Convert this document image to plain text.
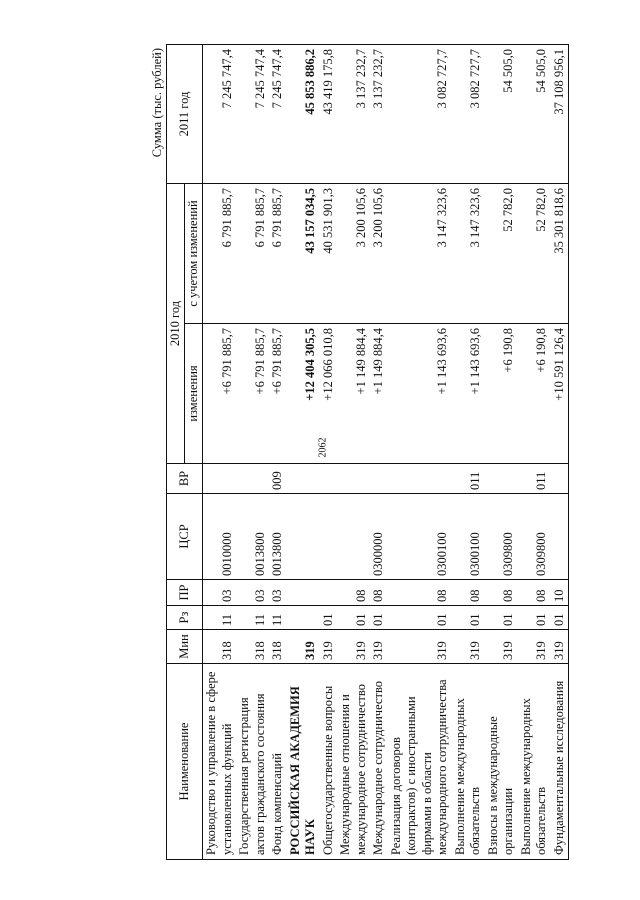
2062
Сумма (тыс. рублей)
Наименование	Мин	Рз	ПР	ЦСР	ВР	2010 год		2011 год
						изменения	с учетом изменений	
Руководство и управление в сфере установленных функций	318	11	03	0010000		+6 791 885,7	6 791 885,7	7 245 747,4
Государственная регистрация актов гражданского состояния	318	11	03	0013800		+6 791 885,7	6 791 885,7	7 245 747,4
Фонд компенсаций	318	11	03	0013800	009	+6 791 885,7	6 791 885,7	7 245 747,4
РОССИЙСКАЯ АКАДЕМИЯ НАУК	319					+12 404 305,5	43 157 034,5	45 853 886,2
Общегосударственные вопросы	319	01				+12 066 010,8	40 531 901,3	43 419 175,8
Международные отношения и международное сотрудничество	319	01	08			+1 149 884,4	3 200 105,6	3 137 232,7
Международное сотрудничество	319	01	08	0300000		+1 149 884,4	3 200 105,6	3 137 232,7
Реализация договоров (контрактов) с иностранными фирмами в области международного сотрудничества	319	01	08	0300100		+1 143 693,6	3 147 323,6	3 082 727,7
Выполнение международных обязательств	319	01	08	0300100	011	+1 143 693,6	3 147 323,6	3 082 727,7
Взносы в международные организации	319	01	08	0309800		+6 190,8	52 782,0	54 505,0
Выполнение международных обязательств	319	01	08	0309800	011	+6 190,8	52 782,0	54 505,0
Фундаментальные исследования	319	01	10			+10 591 126,4	35 301 818,6	37 108 956,1
